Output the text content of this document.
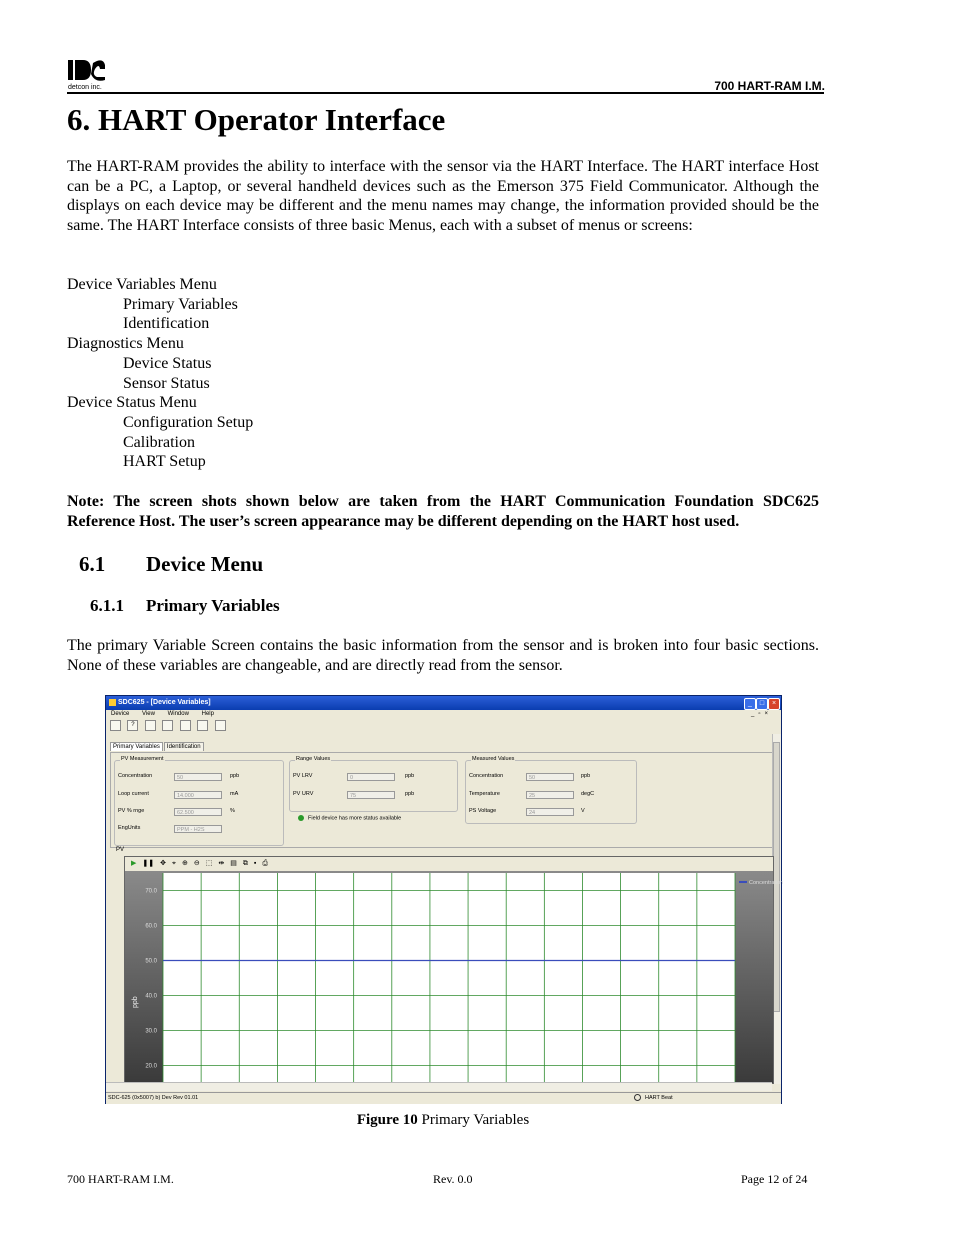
detcon inc.	700 HART-RAM I.M.
6. HART Operator Interface

The HART-RAM provides the ability to interface with the sensor via the HART Interface. The HART interface Host can be a PC, a Laptop, or several handheld devices such as the Emerson 375 Field Communicator. Although the displays on each device may be different and the menu names may change, the information provided should be the same. The HART Interface consists of three basic Menus, each with a subset of menus or screens:

Device Variables Menu
Primary Variables
Identification
Diagnostics Menu
Device Status
Sensor Status
Device Status Menu
Configuration Setup
Calibration
HART Setup

Note: The screen shots shown below are taken from the HART Communication Foundation SDC625 Reference Host. The user’s screen appearance may be different depending on the HART host used.

6.1 Device Menu
6.1.1 Primary Variables

The primary Variable Screen contains the basic information from the sensor and is broken into four basic sections. None of these variables are changeable, and are directly read from the sensor.

SDC625 - [Device Variables]	_	□	×
Device View Window Help	_▫×
?
Primary Variables Identification
PV Measurement
Concentration	50	ppb
Loop current	14.000	mA
PV % rnge	62.500	%
EngUnits	PPM - H2S
Range Values
PV LRV	0	ppb
PV URV	75	ppb
Field device has more status available
Measured Values
Concentration	50	ppb
Temperature	25	degC
PS Voltage	24	V
PV
▶ ❚❚ ✥ ⌖ ⊕ ⊖ ⬚ ⇹ ▤ ⧉ ▪ ⎙
70.0
60.0
50.0
40.0
30.0
20.0
ppb
Concentration
SDC-625 (0x5007) b) Dev Rev 01.01	HART Beat
Figure 10 Primary Variables
700 HART-RAM I.M.	Rev. 0.0	Page 12 of 24
